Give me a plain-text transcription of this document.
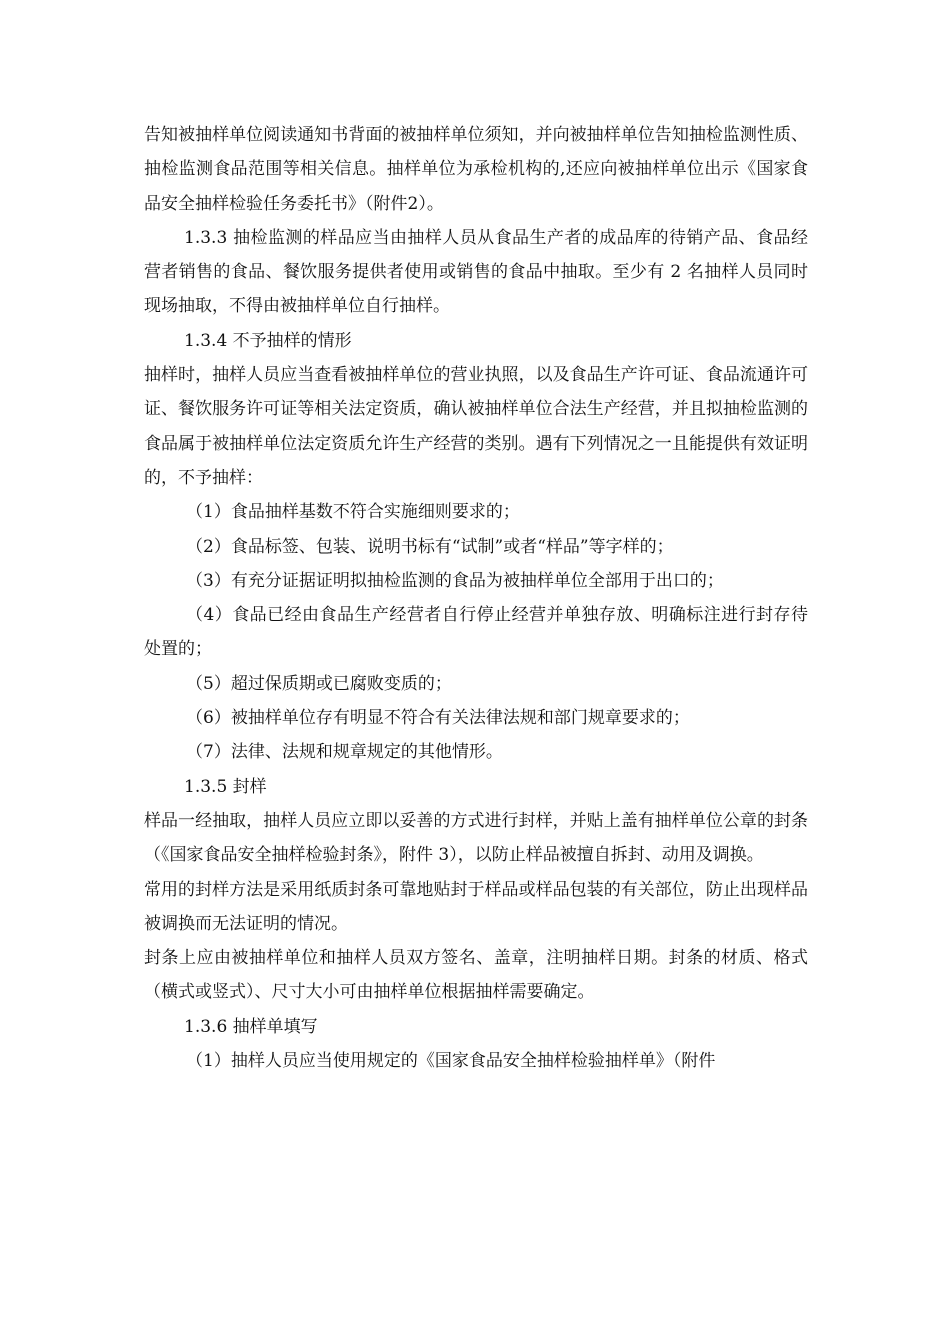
告知被抽样单位阅读通知书背面的被抽样单位须知，并向被抽样单位告知抽检监测性质、抽检监测食品范围等相关信息。抽样单位为承检机构的,还应向被抽样单位出示《国家食品安全抽样检验任务委托书》（附件2）。

1.3.3 抽检监测的样品应当由抽样人员从食品生产者的成品库的待销产品、食品经营者销售的食品、餐饮服务提供者使用或销售的食品中抽取。至少有 2 名抽样人员同时现场抽取，不得由被抽样单位自行抽样。

1.3.4 不予抽样的情形

抽样时，抽样人员应当查看被抽样单位的营业执照，以及食品生产许可证、食品流通许可证、餐饮服务许可证等相关法定资质，确认被抽样单位合法生产经营，并且拟抽检监测的食品属于被抽样单位法定资质允许生产经营的类别。遇有下列情况之一且能提供有效证明的，不予抽样：

（1）食品抽样基数不符合实施细则要求的；

（2）食品标签、包装、说明书标有“试制”或者“样品”等字样的；

（3）有充分证据证明拟抽检监测的食品为被抽样单位全部用于出口的；

（4）食品已经由食品生产经营者自行停止经营并单独存放、明确标注进行封存待处置的；

（5）超过保质期或已腐败变质的；

（6）被抽样单位存有明显不符合有关法律法规和部门规章要求的；

（7）法律、法规和规章规定的其他情形。

1.3.5 封样

样品一经抽取，抽样人员应立即以妥善的方式进行封样，并贴上盖有抽样单位公章的封条（《国家食品安全抽样检验封条》，附件 3），以防止样品被擅自拆封、动用及调换。

常用的封样方法是采用纸质封条可靠地贴封于样品或样品包装的有关部位，防止出现样品被调换而无法证明的情况。

封条上应由被抽样单位和抽样人员双方签名、盖章，注明抽样日期。封条的材质、格式（横式或竖式）、尺寸大小可由抽样单位根据抽样需要确定。

1.3.6 抽样单填写

（1）抽样人员应当使用规定的《国家食品安全抽样检验抽样单》（附件
